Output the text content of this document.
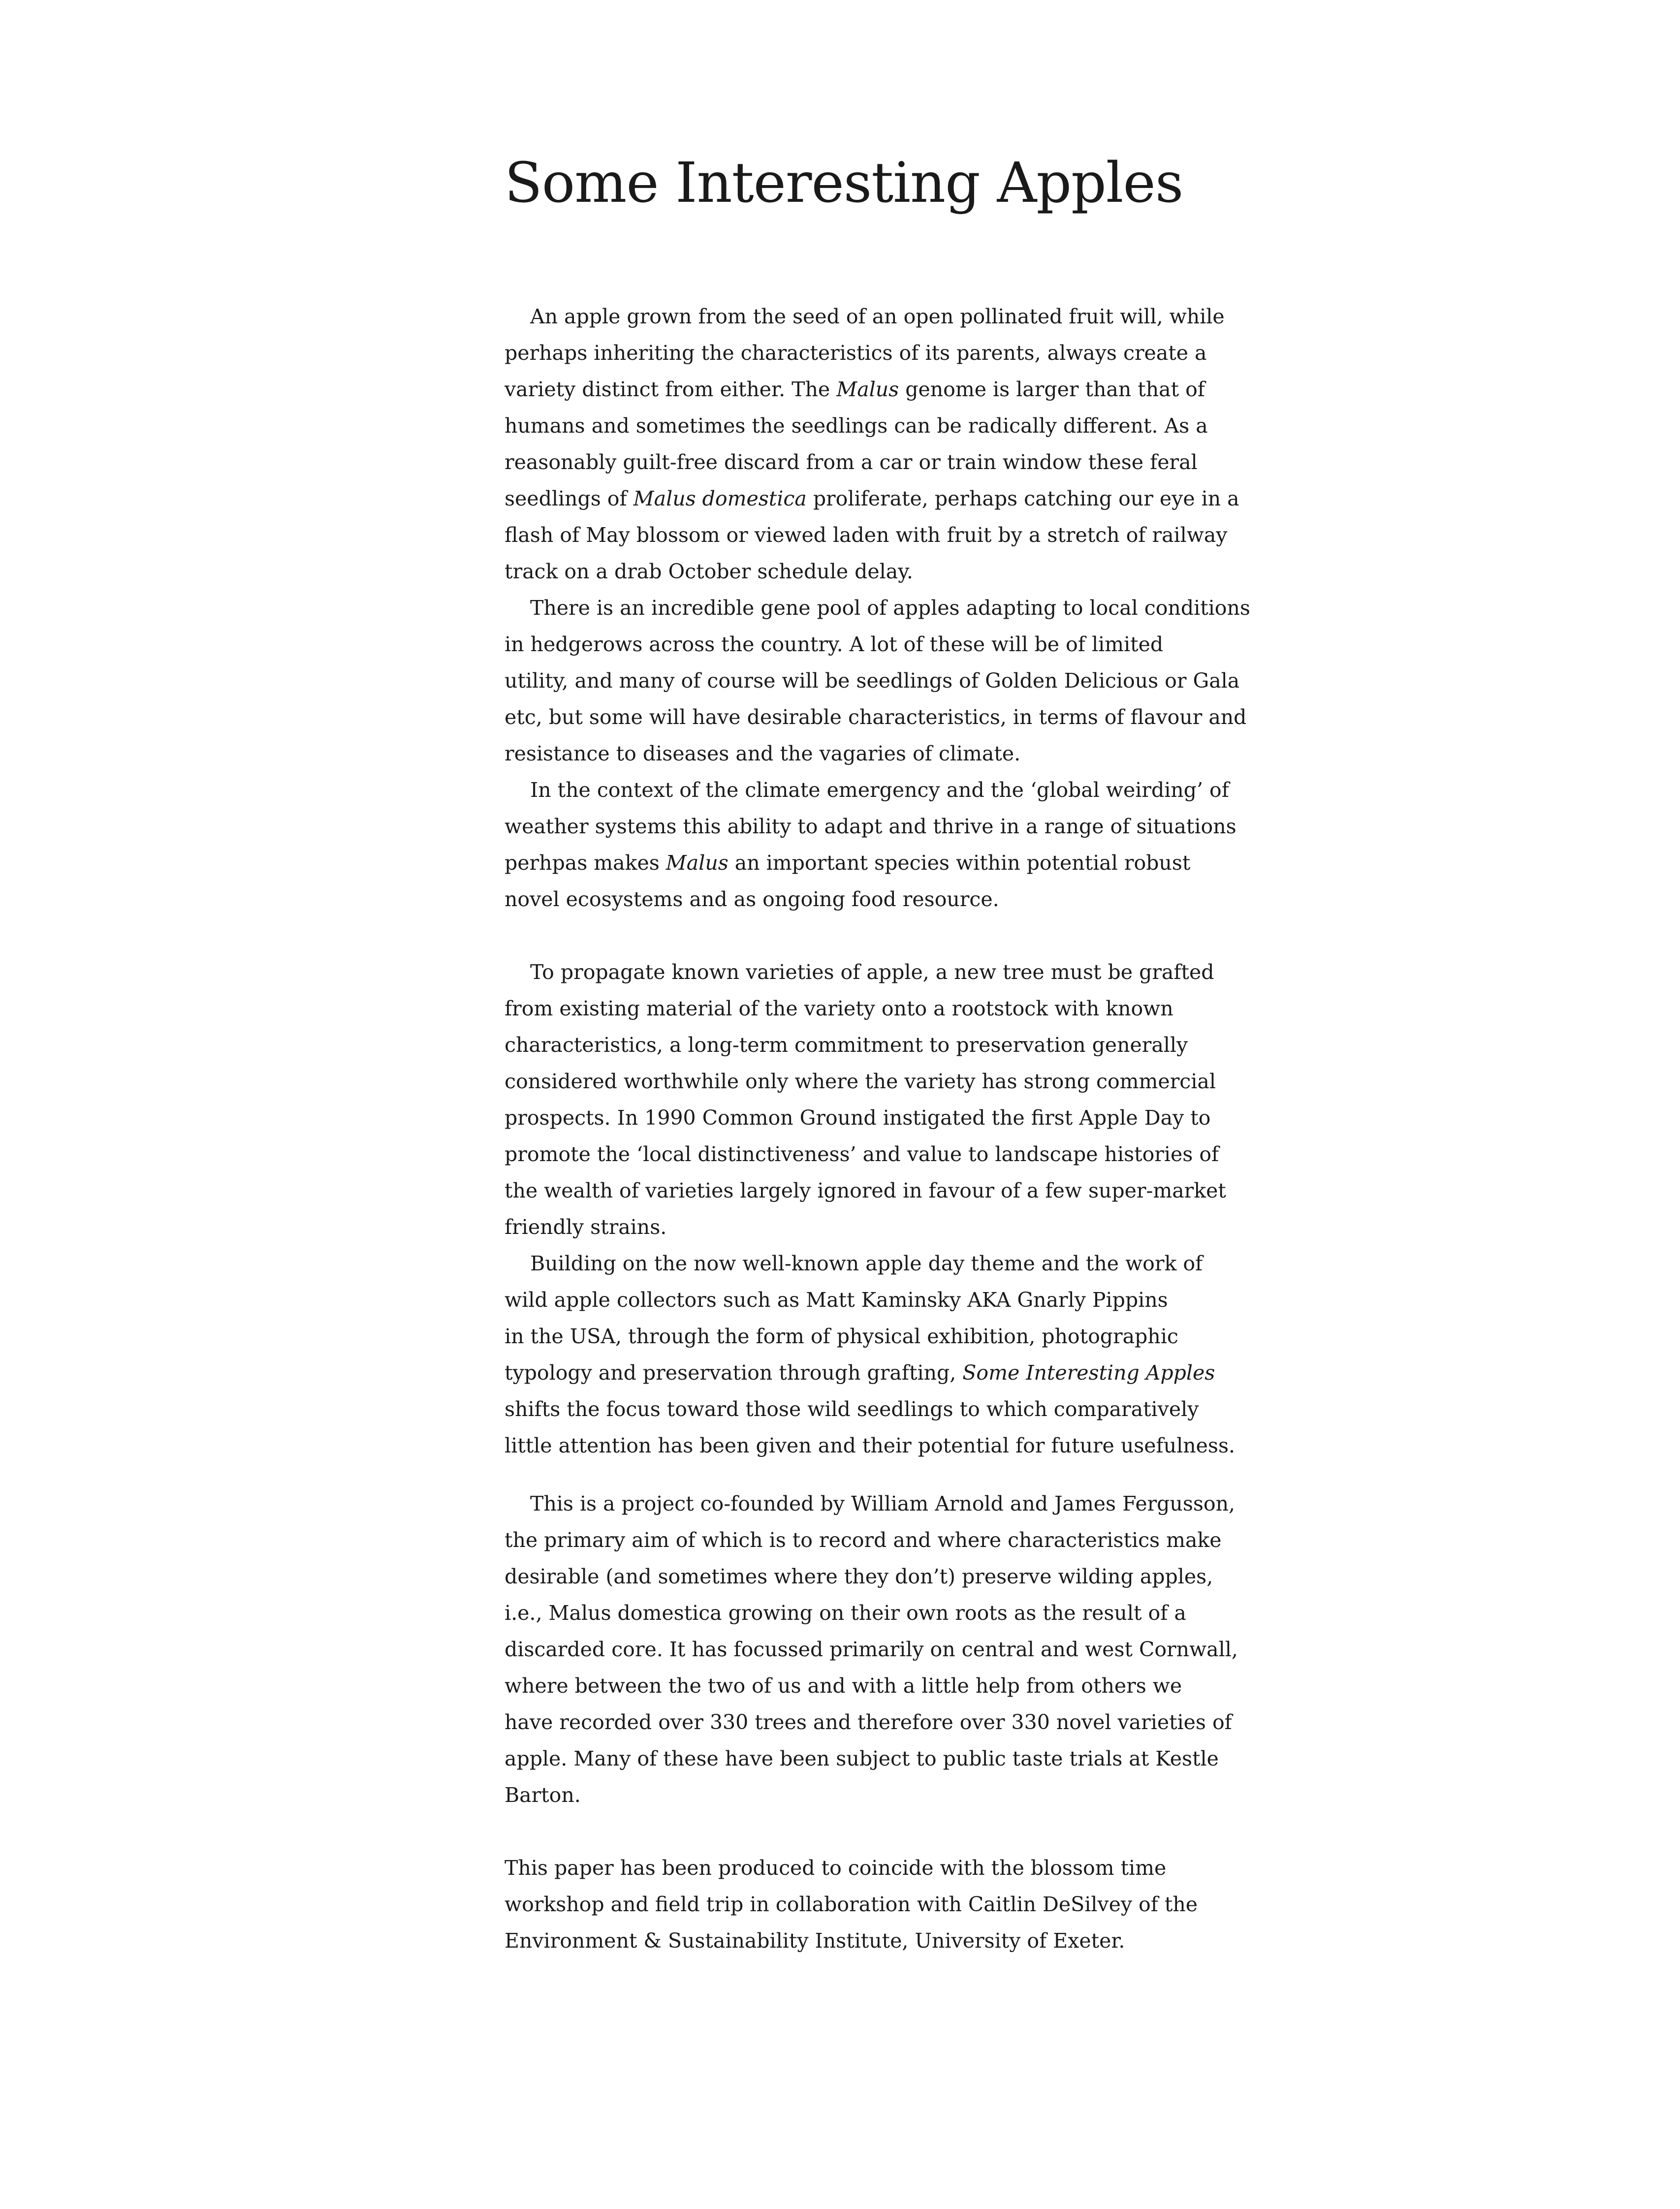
Some Interesting Apples
An apple grown from the seed of an open pollinated fruit will, while
perhaps inheriting the characteristics of its parents, always create a
variety distinct from either. The Malus genome is larger than that of
humans and sometimes the seedlings can be radically different. As a
reasonably guilt-free discard from a car or train window these feral
seedlings of Malus domestica proliferate, perhaps catching our eye in a
flash of May blossom or viewed laden with fruit by a stretch of railway
track on a drab October schedule delay.
There is an incredible gene pool of apples adapting to local conditions
in hedgerows across the country. A lot of these will be of limited
utility, and many of course will be seedlings of Golden Delicious or Gala
etc, but some will have desirable characteristics, in terms of flavour and
resistance to diseases and the vagaries of climate.
In the context of the climate emergency and the ‘global weirding’ of
weather systems this ability to adapt and thrive in a range of situations
perhpas makes Malus an important species within potential robust
novel ecosystems and as ongoing food resource.
To propagate known varieties of apple, a new tree must be grafted
from existing material of the variety onto a rootstock with known
characteristics, a long-term commitment to preservation generally
considered worthwhile only where the variety has strong commercial
prospects. In 1990 Common Ground instigated the first Apple Day to
promote the ‘local distinctiveness’ and value to landscape histories of
the wealth of varieties largely ignored in favour of a few super-market
friendly strains.
Building on the now well-known apple day theme and the work of
wild apple collectors such as Matt Kaminsky AKA Gnarly Pippins
in the USA, through the form of physical exhibition, photographic
typology and preservation through grafting, Some Interesting Apples
shifts the focus toward those wild seedlings to which comparatively
little attention has been given and their potential for future usefulness.
This is a project co-founded by William Arnold and James Fergusson,
the primary aim of which is to record and where characteristics make
desirable (and sometimes where they don’t) preserve wilding apples,
i.e., Malus domestica growing on their own roots as the result of a
discarded core. It has focussed primarily on central and west Cornwall,
where between the two of us and with a little help from others we
have recorded over 330 trees and therefore over 330 novel varieties of
apple. Many of these have been subject to public taste trials at Kestle
Barton.
This paper has been produced to coincide with the blossom time
workshop and field trip in collaboration with Caitlin DeSilvey of the
Environment & Sustainability Institute, University of Exeter.
